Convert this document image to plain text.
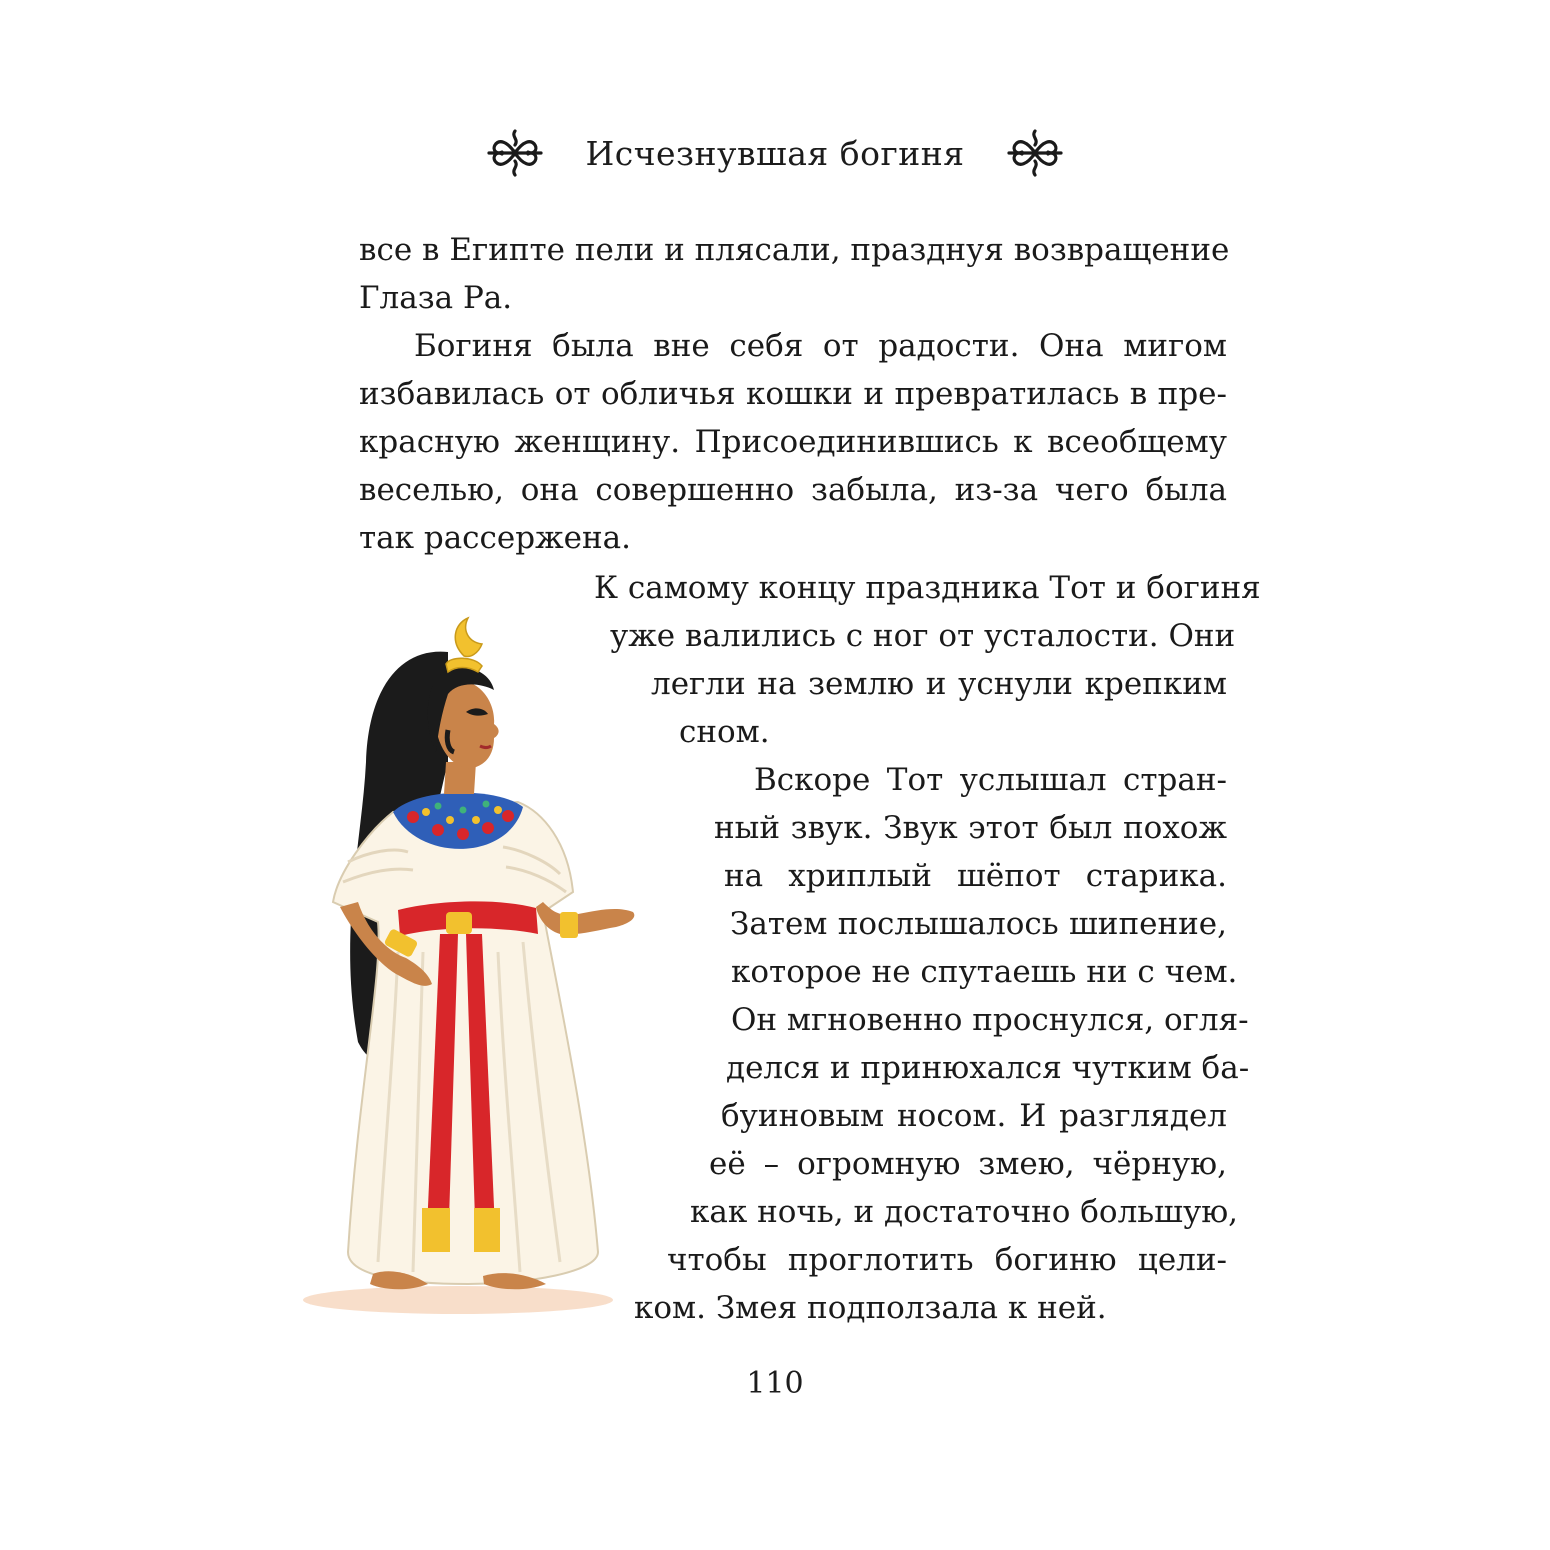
Исчезнувшая богиня
все в Египте пели и плясали, празднуя возвращение
Глаза Ра.
Богиня была вне себя от радости. Она мигом
избавилась от обличья кошки и превратилась в пре-
красную женщину. Присоединившись к всеобщему
веселью, она совершенно забыла, из-за чего была
так рассержена.
К самому концу праздника Тот и богиня
уже валились с ног от усталости. Они
легли на землю и уснули крепким
сном.
Вскоре Тот услышал стран-
ный звук. Звук этот был похож
на хриплый шёпот старика.
Затем послышалось шипение,
которое не спутаешь ни с чем.
Он мгновенно проснулся, огля-
делся и принюхался чутким ба-
буиновым носом. И разглядел
её – огромную змею, чёрную,
как ночь, и достаточно большую,
чтобы проглотить богиню цели-
ком. Змея подползала к ней.
110
